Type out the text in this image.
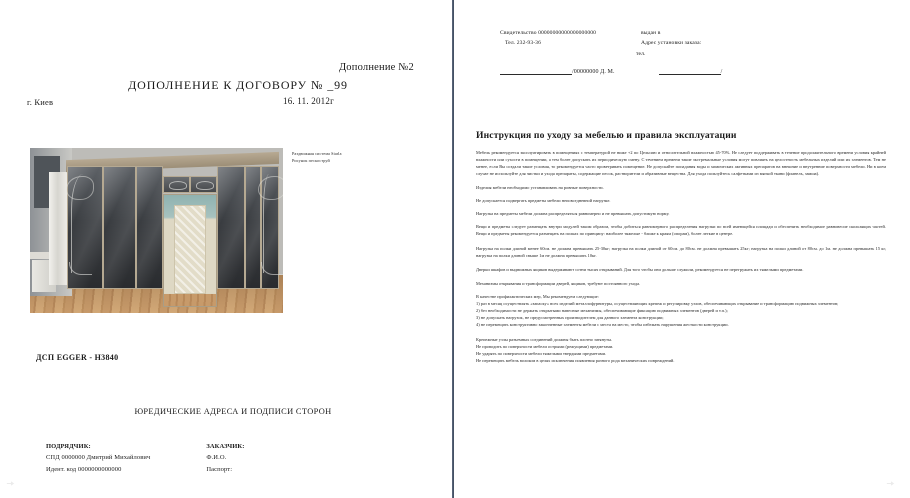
Дополнение №2
ДОПОЛНЕНИЕ К ДОГОВОРУ № _99
г. Киев	16. 11. 2012г
Раздвижная система Starla
Рисунок пескоструй
ДСП EGGER - H3840
ЮРЕДИЧЕСКИЕ АДРЕСА И ПОДПИСИ СТОРОН
ПОДРЯДЧИК:
СПД 0000000 Дмитрий Михайлович
Идент. код 0000000000000
ЗАКАЗЧИК:
Ф.И.О.
Паспорт:
Свидетельство 00000000000000000000	выдан в
Тел. 232-93-36	Адрес установки заказа:
тел.
/00000000 Д. М.	/
Инструкция по уходу за мебелью и правила эксплуатации

Мебель рекомендуется эксплуатировать в помещениях с температурой не ниже +2 по Цельсию и относительной влажностью 45-70%. Не следует поддерживать в течение продолжительного времени условия крайней влажности или сухости в помещении, а тем более допускать их периодическую смену. С течением времени такие экстремальные условия могут повлиять на целостность мебельных изделий или их элементов. Тем не менее, если Вы создали такие условия, то рекомендуется часто проветривать помещение. Не допускайте попадания воды и химических активных препаратов на внешние и внутренние поверхности мебели. Ни в коем случае не используйте для чистки и ухода препараты, содержащие песок, растворители и абразивные вещества. Для ухода пользуйтесь салфетками из мягкой ткани (фланель, замша).

Изделия мебели необходимо устанавливать на ровные поверхности.

Не допускается подвергать предметы мебели неповседневной нагрузке.

Нагрузка на предметы мебели должна распределяться равномерно и не превышать допустимую норму.

Вещи и предметы следует размещать внутри модулей таким образом, чтобы добиться равномерного распределения нагрузки по всей имеющейся площади и обеспечить необходимое равновесие скользящих частей. Вещи и предметы рекомендуется размещать на полках по принципу: наиболее тяжелые - ближе к краям (опорам), более легкие в центре.

Нагрузка на полки длиной менее 60см. не должна превышать 25-30кг; нагрузка на полки длиной от 60см. до 80см. не должна превышать 25кг; нагрузка на полки длиной от 80см. до 1м. не должна превышать 15 кг, нагрузка на полки длиной свыше 1м не должна превышать 10кг.

Дверки шкафов и выдвижных ящиков выдерживают сотни тысяч открываний. Для того чтобы они дольше служили, рекомендуется не перегружать их тяжелыми предметами.

Механизмы открывания и трансформации дверей, ящиков, требуют постоянного ухода.

В качестве профилактических мер, Мы рекомендуем следующие:
1) раз в месяц осуществлять «запаску» всех изделий металлофурнитуры, осуществляющих крепеж и регулировку узлов, обеспечивающих открывание и трансформацию подвижных элементов;
2) без необходимости не держать открытыми навесные механизмы, обеспечивающие фиксацию подвижных элементов (дверей и т.п.);
3) не допускать нагрузок, не предусмотренных производителем для данного элемента конструкции;
4) не перемещать конструктивно законченные элементы мебели с места на место, чтобы избежать нарушения жесткости конструкции.

Крепежные узлы разъемных соединений должны быть плотно затянуты.
Не проводить по поверхности мебели острыми (режущими) предметами.
Не ударять по поверхности мебели тяжелыми твердыми предметами.
Не перемещать мебель волоком в целях исключения появления разного рода механических повреждений.
